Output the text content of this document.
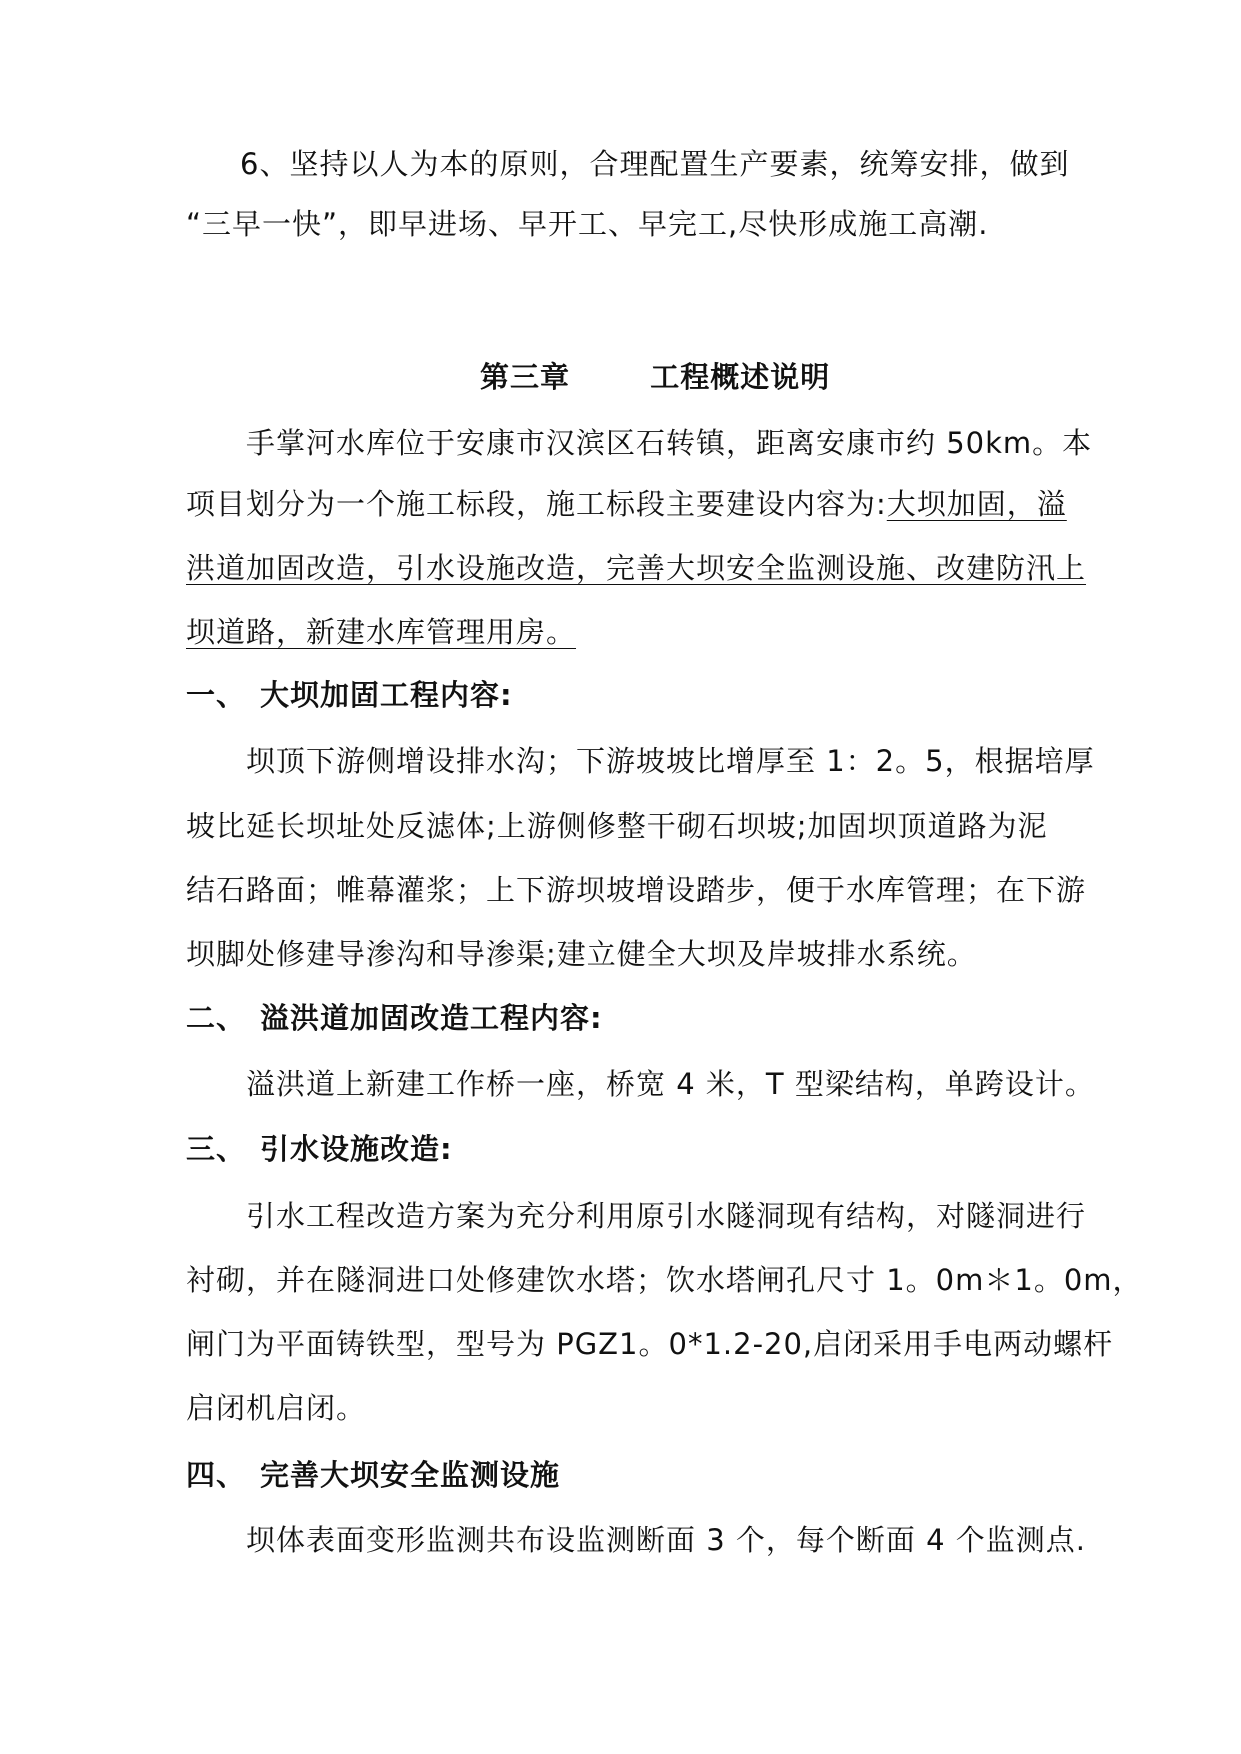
6、坚持以人为本的原则，合理配置生产要素，统筹安排，做到
“三早一快”，即早进场、早开工、早完工,尽快形成施工高潮.
第三章	工程概述说明
手掌河水库位于安康市汉滨区石转镇，距离安康市约 50km。本
项目划分为一个施工标段，施工标段主要建设内容为:大坝加固，溢
洪道加固改造，引水设施改造，完善大坝安全监测设施、改建防汛上
坝道路，新建水库管理用房。
一、 大坝加固工程内容:
坝顶下游侧增设排水沟；下游坡坡比增厚至 1：2。5，根据培厚
坡比延长坝址处反滤体;上游侧修整干砌石坝坡;加固坝顶道路为泥
结石路面；帷幕灌浆；上下游坝坡增设踏步，便于水库管理；在下游
坝脚处修建导渗沟和导渗渠;建立健全大坝及岸坡排水系统。
二、 溢洪道加固改造工程内容:
溢洪道上新建工作桥一座，桥宽 4 米，T 型梁结构，单跨设计。
三、 引水设施改造:
引水工程改造方案为充分利用原引水隧洞现有结构，对隧洞进行
衬砌，并在隧洞进口处修建饮水塔；饮水塔闸孔尺寸 1。0m＊1。0m，
闸门为平面铸铁型，型号为 PGZ1。0*1.2-20,启闭采用手电两动螺杆
启闭机启闭。
四、 完善大坝安全监测设施
坝体表面变形监测共布设监测断面 3 个，每个断面 4 个监测点.
